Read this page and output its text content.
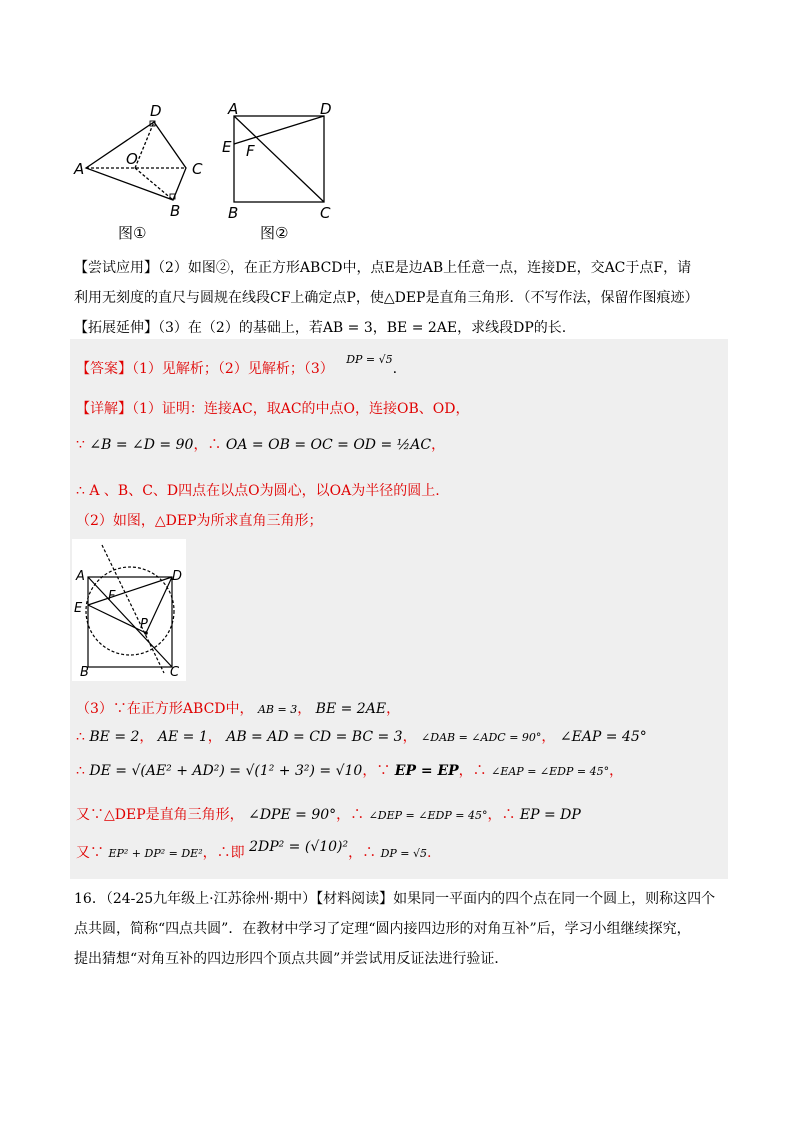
A
D
O
C
B
图①
A	D
E F
B	C
图②
【尝试应用】（2）如图②，在正方形ABCD中，点E是边AB上任意一点，连接DE，交AC于点F，请
利用无刻度的直尺与圆规在线段CF上确定点P，使△DEP是直角三角形．（不写作法，保留作图痕迹）
【拓展延伸】（3）在（2）的基础上，若AB = 3，BE = 2AE，求线段DP的长.
【答案】（1）见解析；（2）见解析；（3） $^{DP = √5}$.
【详解】（1）证明：连接AC，取AC的中点O，连接OB、OD，
∵ ∠B = ∠D = 90，∴ OA = OB = OC = OD = ½AC，
∴ A 、B、C、D四点在以点O为圆心，以OA为半径的圆上.
（2）如图，△DEP为所求直角三角形；
A	D
E
F
P
B	C
（3）∵在正方形ABCD中， AB = 3， BE = 2AE，
∴ BE = 2， AE = 1， AB = AD = CD = BC = 3， ∠DAB = ∠ADC = 90°， ∠EAP = 45°
∴ DE = √(AE² + AD²) = √(1² + 3²) = √10，∵ EP = EP，∴ ∠EAP = ∠EDP = 45°，
又∵△DEP是直角三角形， ∠DPE = 90°，∴ ∠DEP = ∠EDP = 45°，∴ EP = DP
又∵ EP² + DP² = DE²，∴即 2DP² = (√10)²，∴ DP = √5.
16．（24-25九年级上·江苏徐州·期中）【材料阅读】如果同一平面内的四个点在同一个圆上，则称这四个
点共圆，简称“四点共圆”．在教材中学习了定理“圆内接四边形的对角互补”后，学习小组继续探究，
提出猜想“对角互补的四边形四个顶点共圆”并尝试用反证法进行验证．
